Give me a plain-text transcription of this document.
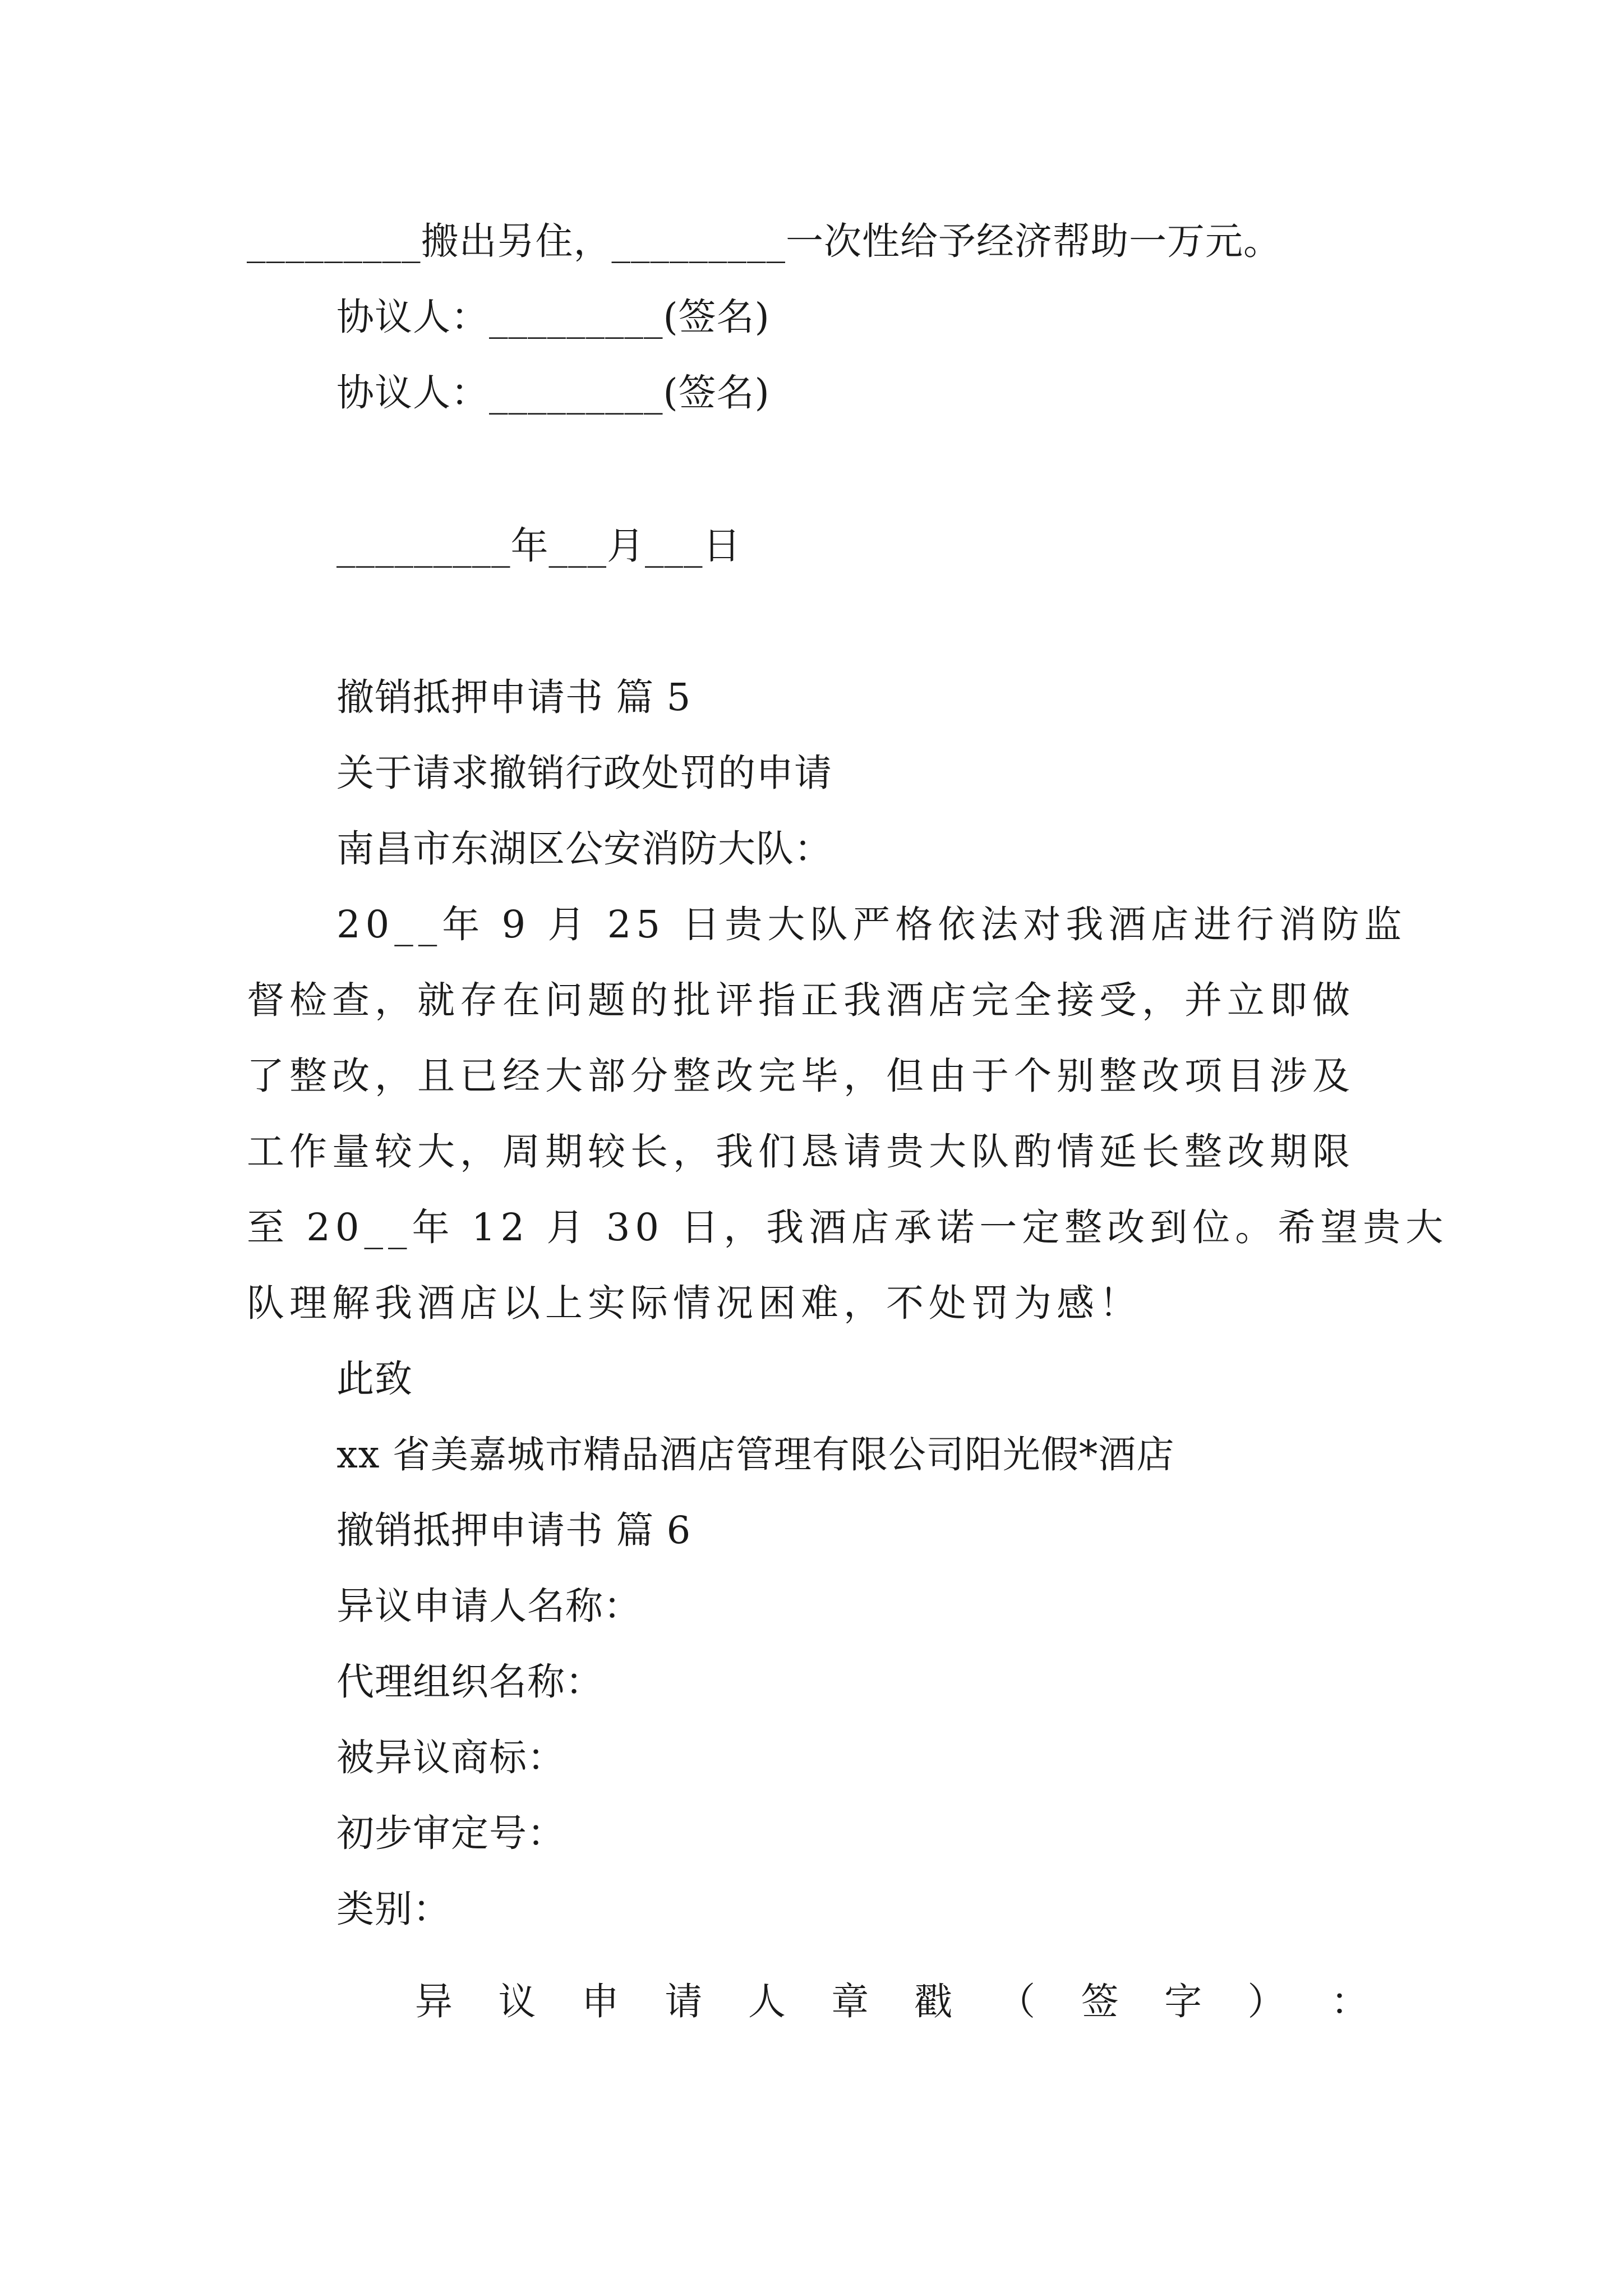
_________搬出另住，_________一次性给予经济帮助一万元。
协议人：_________(签名)
协议人：_________(签名)
_________年___月___日
撤销抵押申请书 篇 5
关于请求撤销行政处罚的申请
南昌市东湖区公安消防大队：
20__年 9 月 25 日贵大队严格依法对我酒店进行消防监
督检查，就存在问题的批评指正我酒店完全接受，并立即做
了整改，且已经大部分整改完毕，但由于个别整改项目涉及
工作量较大，周期较长，我们恳请贵大队酌情延长整改期限
至 20__年 12 月 30 日，我酒店承诺一定整改到位。希望贵大
队理解我酒店以上实际情况困难，不处罚为感！
此致
xx 省美嘉城市精品酒店管理有限公司阳光假*酒店
撤销抵押申请书 篇 6
异议申请人名称：
代理组织名称：
被异议商标：
初步审定号：
类别：
异 议 申 请 人 章 戳 （ 签 字 ） ：
